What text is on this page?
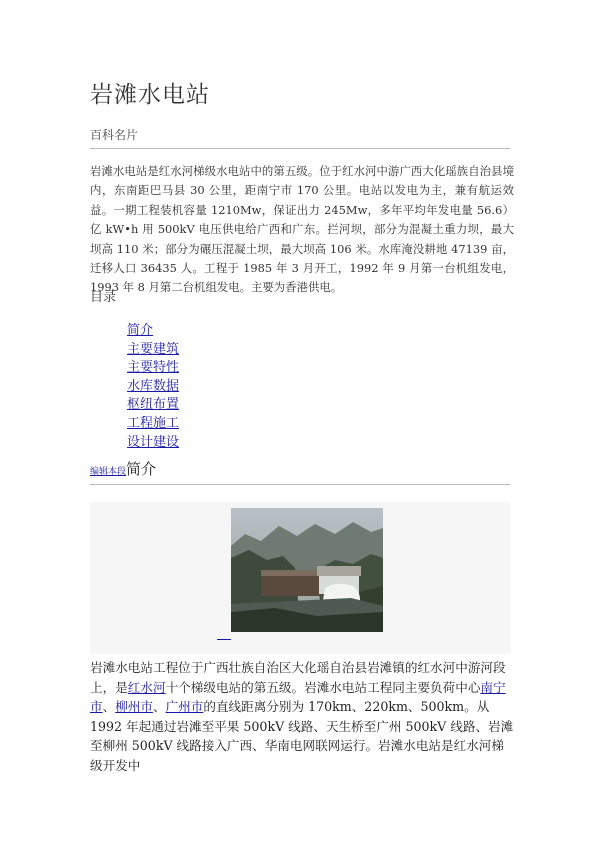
岩滩水电站
百科名片
岩滩水电站是红水河梯级水电站中的第五级。位于红水河中游广西大化瑶族自治县境内，东南距巴马县 30 公里，距南宁市 170 公里。电站以发电为主，兼有航运效益。一期工程装机容量 1210Mw，保证出力 245Mw，多年平均年发电量 56.6）亿 kW•h 用 500kV 电压供电给广西和广东。拦河坝，部分为混凝土重力坝，最大坝高 110 米；部分为碾压混凝土坝，最大坝高 106 米。水库淹没耕地 47139 亩， 迁移人口 36435 人。工程于 1985 年 3 月开工，1992 年 9 月第一台机组发电，1993 年 8 月第二台机组发电。主要为香港供电。
目录
简介
主要建筑
主要特性
水库数据
枢纽布置
工程施工
设计建设
编辑本段简介
岩滩水电站工程位于广西壮族自治区大化瑶自治县岩滩镇的红水河中游河段上，是红水河十个梯级电站的第五级。岩滩水电站工程同主要负荷中心南宁市、柳州市、广州市的直线距离分别为 170km、220km、500km。从 1992 年起通过岩滩至平果 500kV 线路、天生桥至广州 500kV 线路、岩滩至柳州 500kV 线路接入广西、华南电网联网运行。岩滩水电站是红水河梯级开发中
